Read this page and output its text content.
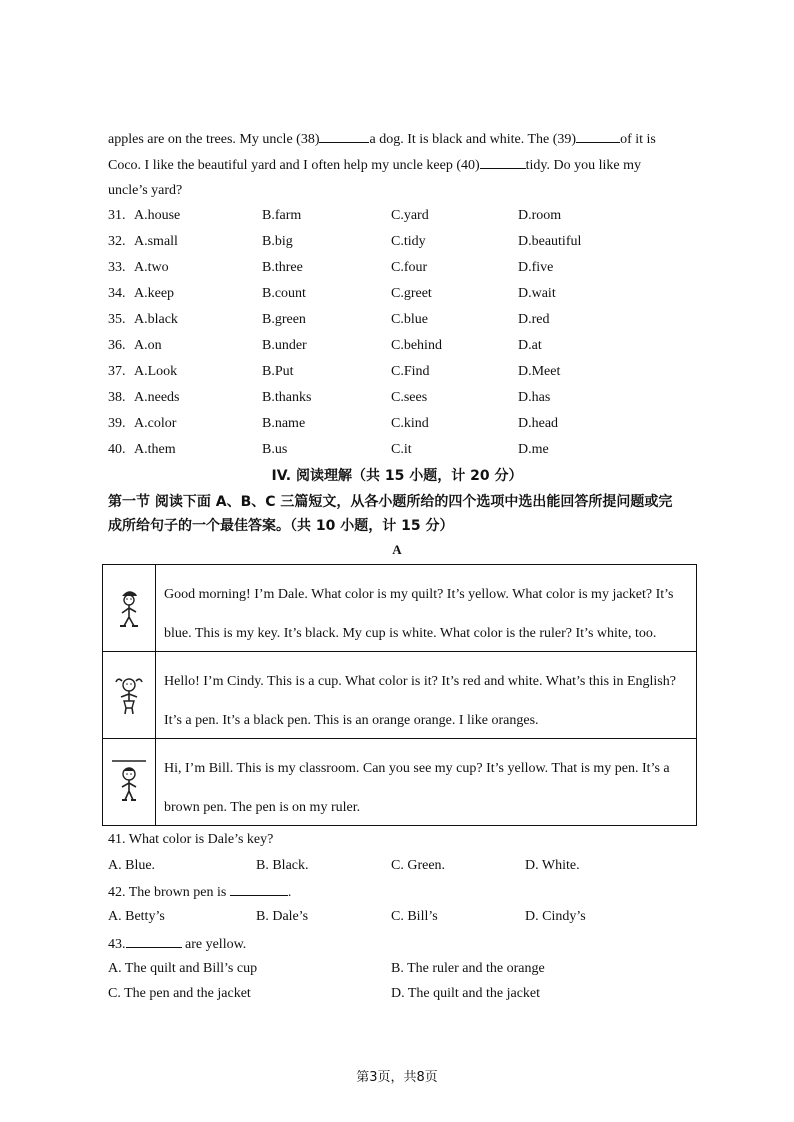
apples are on the trees. My uncle (38)	a dog. It is black and white. The (39)	of it is
Coco. I like the beautiful yard and I often help my uncle keep (40)	tidy. Do you like my
uncle’s yard?
31. A.house	B.farm	C.yard	D.room
32. A.small	B.big	C.tidy	D.beautiful
33. A.two	B.three	C.four	D.five
34. A.keep	B.count	C.greet	D.wait
35. A.black	B.green	C.blue	D.red
36. A.on	B.under	C.behind	D.at
37. A.Look	B.Put	C.Find	D.Meet
38. A.needs	B.thanks	C.sees	D.has
39. A.color	B.name	C.kind	D.head
40. A.them	B.us	C.it	D.me
IV. 阅读理解（共 15 小题，计 20 分）
第一节 阅读下面 A、B、C 三篇短文，从各小题所给的四个选项中选出能回答所提问题或完
成所给句子的一个最佳答案。（共 10 小题，计 15 分）
A
Good morning! I’m Dale. What color is my quilt? It’s yellow. What color is my jacket? It’s blue. This is my key. It’s black. My cup is white. What color is the ruler? It’s white, too.
Hello! I’m Cindy. This is a cup. What color is it? It’s red and white. What’s this in English? It’s a pen. It’s a black pen. This is an orange orange. I like oranges.
Hi, I’m Bill. This is my classroom. Can you see my cup? It’s yellow. That is my pen. It’s a brown pen. The pen is on my ruler.
41. What color is Dale’s key?
A. Blue.	B. Black.	C. Green.	D. White.
42. The brown pen is	.
A. Betty’s	B. Dale’s	C. Bill’s	D. Cindy’s
43.	are yellow.
A. The quilt and Bill’s cup	B. The ruler and the orange
C. The pen and the jacket	D. The quilt and the jacket
第3页，共8页
